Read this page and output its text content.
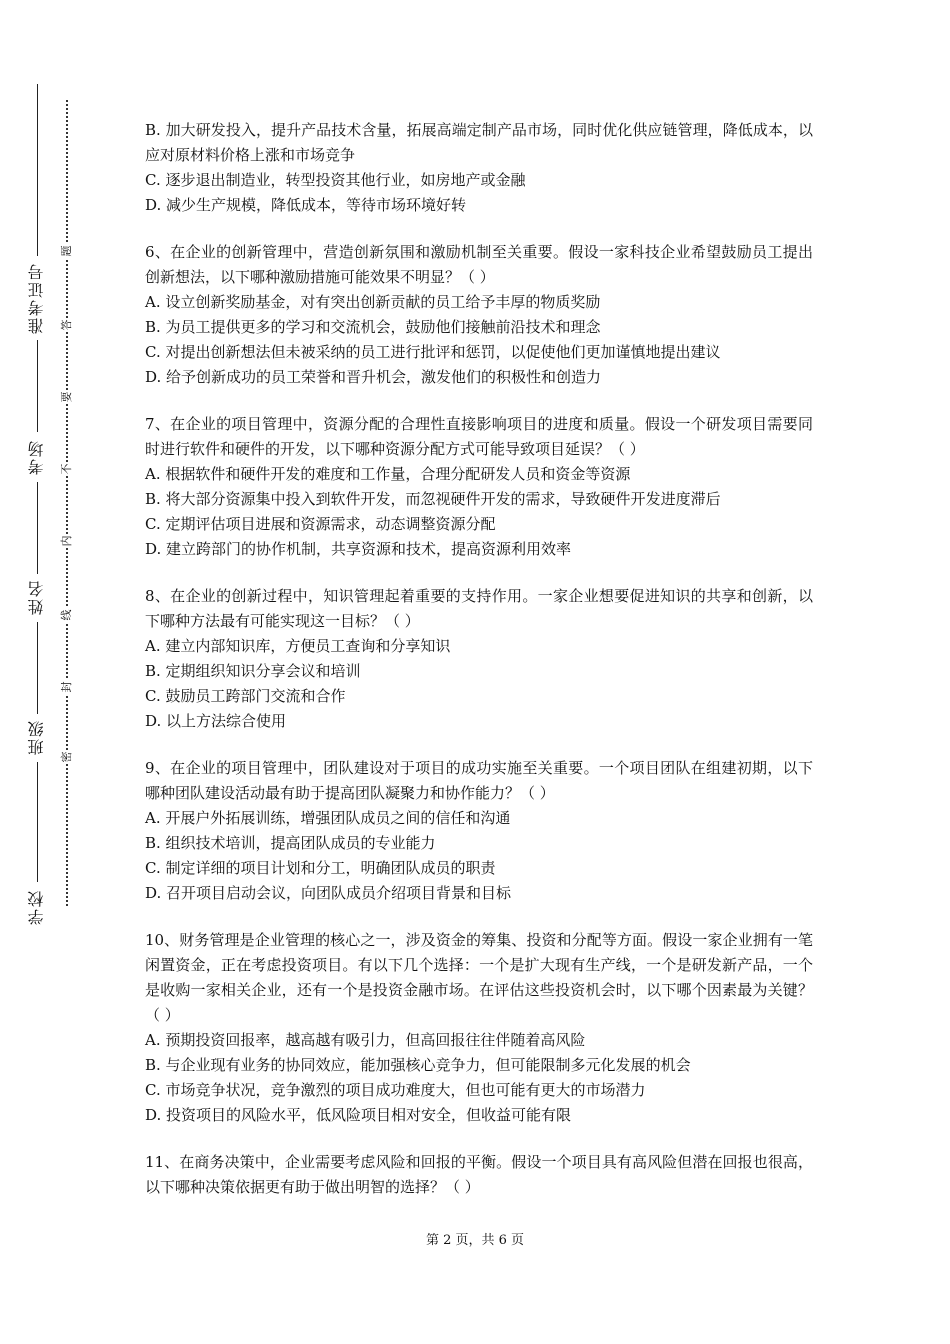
准考证号
考场
姓名
班级
学校
题
答
要
不
内
线
封
密

B. 加大研发投入，提升产品技术含量，拓展高端定制产品市场，同时优化供应链管理，降低成本，以应对原材料价格上涨和市场竞争

C. 逐步退出制造业，转型投资其他行业，如房地产或金融

D. 减少生产规模，降低成本，等待市场环境好转

6、在企业的创新管理中，营造创新氛围和激励机制至关重要。假设一家科技企业希望鼓励员工提出创新想法，以下哪种激励措施可能效果不明显？（ ）

A. 设立创新奖励基金，对有突出创新贡献的员工给予丰厚的物质奖励

B. 为员工提供更多的学习和交流机会，鼓励他们接触前沿技术和理念

C. 对提出创新想法但未被采纳的员工进行批评和惩罚，以促使他们更加谨慎地提出建议

D. 给予创新成功的员工荣誉和晋升机会，激发他们的积极性和创造力

7、在企业的项目管理中，资源分配的合理性直接影响项目的进度和质量。假设一个研发项目需要同时进行软件和硬件的开发，以下哪种资源分配方式可能导致项目延误？（ ）

A. 根据软件和硬件开发的难度和工作量，合理分配研发人员和资金等资源

B. 将大部分资源集中投入到软件开发，而忽视硬件开发的需求，导致硬件开发进度滞后

C. 定期评估项目进展和资源需求，动态调整资源分配

D. 建立跨部门的协作机制，共享资源和技术，提高资源利用效率

8、在企业的创新过程中，知识管理起着重要的支持作用。一家企业想要促进知识的共享和创新，以下哪种方法最有可能实现这一目标？（ ）

A. 建立内部知识库，方便员工查询和分享知识

B. 定期组织知识分享会议和培训

C. 鼓励员工跨部门交流和合作

D. 以上方法综合使用

9、在企业的项目管理中，团队建设对于项目的成功实施至关重要。一个项目团队在组建初期，以下哪种团队建设活动最有助于提高团队凝聚力和协作能力？（ ）

A. 开展户外拓展训练，增强团队成员之间的信任和沟通

B. 组织技术培训，提高团队成员的专业能力

C. 制定详细的项目计划和分工，明确团队成员的职责

D. 召开项目启动会议，向团队成员介绍项目背景和目标

10、财务管理是企业管理的核心之一，涉及资金的筹集、投资和分配等方面。假设一家企业拥有一笔闲置资金，正在考虑投资项目。有以下几个选择：一个是扩大现有生产线，一个是研发新产品，一个是收购一家相关企业，还有一个是投资金融市场。在评估这些投资机会时，以下哪个因素最为关键？（ ）

A. 预期投资回报率，越高越有吸引力，但高回报往往伴随着高风险

B. 与企业现有业务的协同效应，能加强核心竞争力，但可能限制多元化发展的机会

C. 市场竞争状况，竞争激烈的项目成功难度大，但也可能有更大的市场潜力

D. 投资项目的风险水平，低风险项目相对安全，但收益可能有限

11、在商务决策中，企业需要考虑风险和回报的平衡。假设一个项目具有高风险但潜在回报也很高，以下哪种决策依据更有助于做出明智的选择？（ ）

第 2 页，共 6 页
